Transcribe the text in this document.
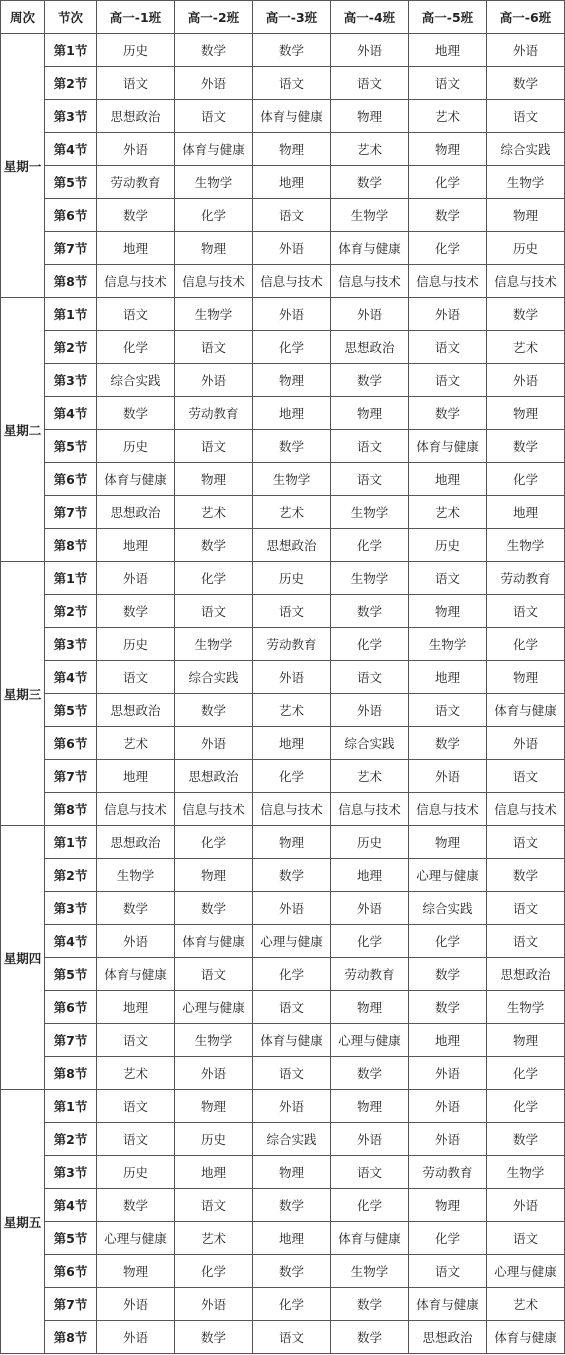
周次	节次	高一-1班	高一-2班	高一-3班	高一-4班	高一-5班	高一-6班
星期一	第1节	历史	数学	数学	外语	地理	外语
	第2节	语文	外语	语文	语文	语文	数学
	第3节	思想政治	语文	体育与健康	物理	艺术	语文
	第4节	外语	体育与健康	物理	艺术	物理	综合实践
	第5节	劳动教育	生物学	地理	数学	化学	生物学
	第6节	数学	化学	语文	生物学	数学	物理
	第7节	地理	物理	外语	体育与健康	化学	历史
	第8节	信息与技术	信息与技术	信息与技术	信息与技术	信息与技术	信息与技术
星期二	第1节	语文	生物学	外语	外语	外语	数学
	第2节	化学	语文	化学	思想政治	语文	艺术
	第3节	综合实践	外语	物理	数学	语文	外语
	第4节	数学	劳动教育	地理	物理	数学	物理
	第5节	历史	语文	数学	语文	体育与健康	数学
	第6节	体育与健康	物理	生物学	语文	地理	化学
	第7节	思想政治	艺术	艺术	生物学	艺术	地理
	第8节	地理	数学	思想政治	化学	历史	生物学
星期三	第1节	外语	化学	历史	生物学	语文	劳动教育
	第2节	数学	语文	语文	数学	物理	语文
	第3节	历史	生物学	劳动教育	化学	生物学	化学
	第4节	语文	综合实践	外语	语文	地理	物理
	第5节	思想政治	数学	艺术	外语	语文	体育与健康
	第6节	艺术	外语	地理	综合实践	数学	外语
	第7节	地理	思想政治	化学	艺术	外语	语文
	第8节	信息与技术	信息与技术	信息与技术	信息与技术	信息与技术	信息与技术
星期四	第1节	思想政治	化学	物理	历史	物理	语文
	第2节	生物学	物理	数学	地理	心理与健康	数学
	第3节	数学	数学	外语	外语	综合实践	语文
	第4节	外语	体育与健康	心理与健康	化学	化学	语文
	第5节	体育与健康	语文	化学	劳动教育	数学	思想政治
	第6节	地理	心理与健康	语文	物理	数学	生物学
	第7节	语文	生物学	体育与健康	心理与健康	地理	物理
	第8节	艺术	外语	语文	数学	外语	化学
星期五	第1节	语文	物理	外语	物理	外语	化学
	第2节	语文	历史	综合实践	外语	外语	数学
	第3节	历史	地理	物理	语文	劳动教育	生物学
	第4节	数学	语文	数学	化学	物理	外语
	第5节	心理与健康	艺术	地理	体育与健康	化学	语文
	第6节	物理	化学	数学	生物学	语文	心理与健康
	第7节	外语	外语	化学	数学	体育与健康	艺术
	第8节	外语	数学	语文	数学	思想政治	体育与健康
